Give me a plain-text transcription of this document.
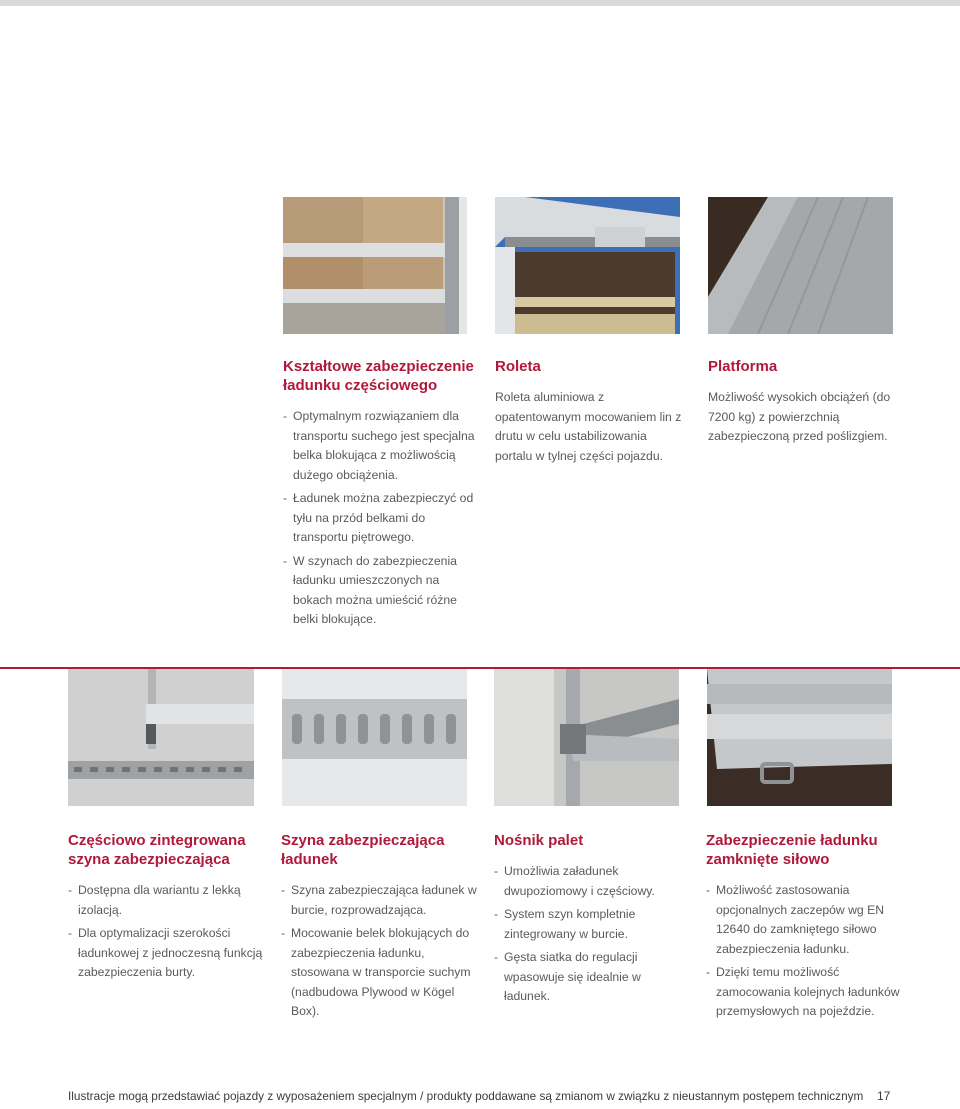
Kształtowe zabezpieczenie ładunku częściowego
- Optymalnym rozwiązaniem dla transportu suchego jest specjalna belka blokująca z możliwością dużego obciążenia.
- Ładunek można zabezpieczyć od tyłu na przód belkami do transportu piętrowego.
- W szynach do zabezpieczenia ładunku umieszczonych na bokach można umieścić różne belki blokujące.
Roleta

Roleta aluminiowa z opatentowanym mocowaniem lin z drutu w celu ustabilizowania portalu w tylnej części pojazdu.

Platforma

Możliwość wysokich obciążeń (do 7200 kg) z powierzchnią zabezpieczoną przed poślizgiem.

Częściowo zintegrowana szyna zabezpieczająca
- Dostępna dla wariantu z lekką izolacją.
- Dla optymalizacji szerokości ładunkowej z jednoczesną funkcją zabezpieczenia burty.
Szyna zabezpieczająca ładunek
- Szyna zabezpieczająca ładunek w burcie, rozprowadzająca.
- Mocowanie belek blokujących do zabezpieczenia ładunku, stosowana w transporcie suchym (nadbudowa Plywood w Kögel Box).
Nośnik palet
- Umożliwia załadunek dwupoziomowy i częściowy.
- System szyn kompletnie zintegrowany w burcie.
- Gęsta siatka do regulacji wpasowuje się idealnie w ładunek.
Zabezpieczenie ładunku zamknięte siłowo
- Możliwość zastosowania opcjonalnych zaczepów wg EN 12640 do zamkniętego siłowo zabezpieczenia ładunku.
- Dzięki temu możliwość zamocowania kolejnych ładunków przemysłowych na pojeździe.
Ilustracje mogą przedstawiać pojazdy z wyposażeniem specjalnym / produkty poddawane są zmianom w związku z nieustannym postępem technicznym 17
